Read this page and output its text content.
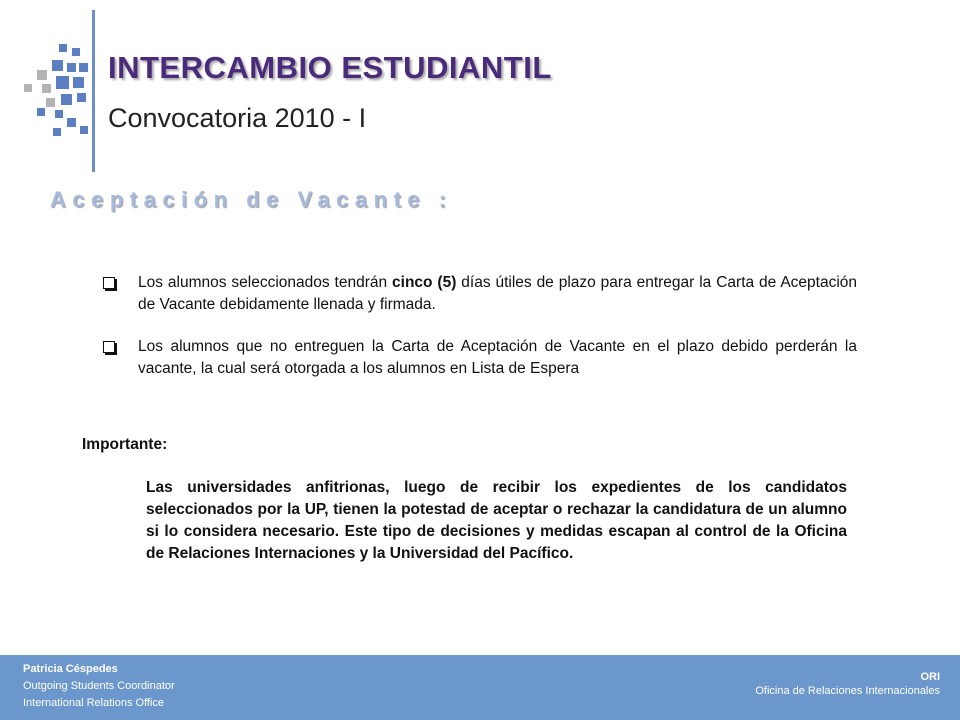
INTERCAMBIO ESTUDIANTIL
Convocatoria 2010 - I
Aceptación de Vacante :
Los alumnos seleccionados tendrán cinco (5) días útiles de plazo para entregar la Carta de Aceptación de Vacante debidamente llenada y firmada.
Los alumnos que no entreguen la Carta de Aceptación de Vacante en el plazo debido perderán la vacante, la cual será otorgada a los alumnos en Lista de Espera
Importante:
Las universidades anfitrionas, luego de recibir los expedientes de los candidatos seleccionados por la UP, tienen la potestad de aceptar o rechazar la candidatura de un alumno si lo considera necesario. Este tipo de decisiones y medidas escapan al control de la Oficina de Relaciones Internaciones y la Universidad del Pacífico.
Patricia Céspedes
Outgoing Students Coordinator
International Relations Office
ORI
Oficina de Relaciones Internacionales
